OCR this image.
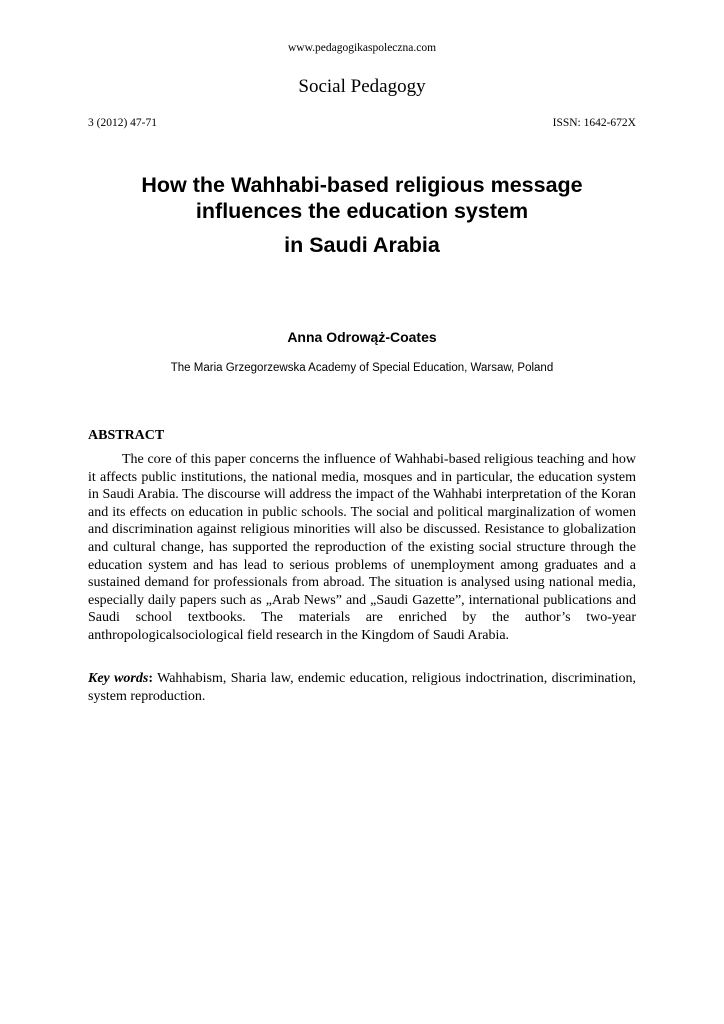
www.pedagogikaspoleczna.com
Social Pedagogy
3 (2012) 47-71	ISSN: 1642-672X
How the Wahhabi-based religious message
influences the education system
in Saudi Arabia
Anna Odrowąż-Coates
The Maria Grzegorzewska Academy of Special Education, Warsaw, Poland
ABSTRACT

The core of this paper concerns the influence of Wahhabi-based religious teaching and how it affects public institutions, the national media, mosques and in particular, the education system in Saudi Arabia. The discourse will address the impact of the Wahhabi interpretation of the Koran and its effects on education in public schools. The social and political marginalization of women and discrimination against religious minorities will also be discussed. Resistance to globalization and cultural change, has supported the reproduction of the existing social structure through the education system and has lead to serious problems of unemployment among graduates and a sustained demand for professionals from abroad. The situation is analysed using national media, especially daily papers such as „Arab News” and „Saudi Gazette”, international publications and Saudi school textbooks. The materials are enriched by the author’s two-year anthropologicalsociological field research in the Kingdom of Saudi Arabia.

Key words: Wahhabism, Sharia law, endemic education, religious indoctrination, discrimination, system reproduction.
